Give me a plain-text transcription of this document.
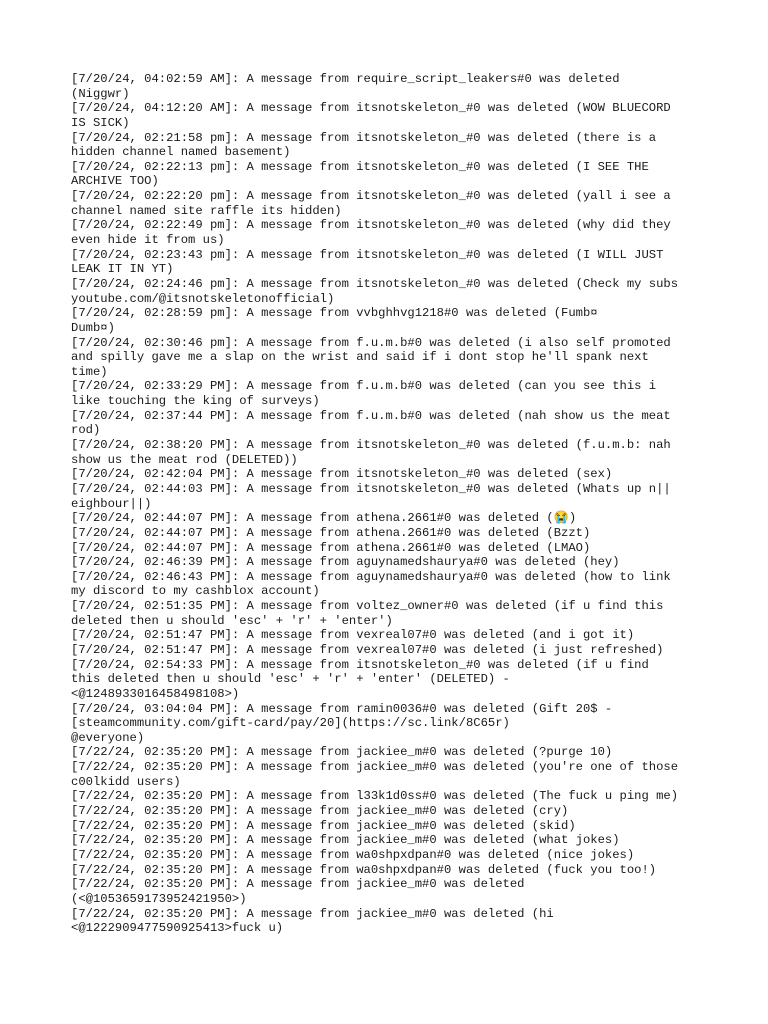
[7/20/24, 04:02:59 AM]: A message from require_script_leakers#0 was deleted
(Niggwr)
[7/20/24, 04:12:20 AM]: A message from itsnotskeleton_#0 was deleted (WOW BLUECORD
IS SICK)
[7/20/24, 02:21:58 pm]: A message from itsnotskeleton_#0 was deleted (there is a
hidden channel named basement)
[7/20/24, 02:22:13 pm]: A message from itsnotskeleton_#0 was deleted (I SEE THE
ARCHIVE TOO)
[7/20/24, 02:22:20 pm]: A message from itsnotskeleton_#0 was deleted (yall i see a
channel named site raffle its hidden)
[7/20/24, 02:22:49 pm]: A message from itsnotskeleton_#0 was deleted (why did they
even hide it from us)
[7/20/24, 02:23:43 pm]: A message from itsnotskeleton_#0 was deleted (I WILL JUST
LEAK IT IN YT)
[7/20/24, 02:24:46 pm]: A message from itsnotskeleton_#0 was deleted (Check my subs
youtube.com/@itsnotskeletonofficial)
[7/20/24, 02:28:59 pm]: A message from vvbghhvg1218#0 was deleted (Fumb¤
Dumb¤)
[7/20/24, 02:30:46 pm]: A message from f.u.m.b#0 was deleted (i also self promoted
and spilly gave me a slap on the wrist and said if i dont stop he'll spank next
time)
[7/20/24, 02:33:29 PM]: A message from f.u.m.b#0 was deleted (can you see this i
like touching the king of surveys)
[7/20/24, 02:37:44 PM]: A message from f.u.m.b#0 was deleted (nah show us the meat
rod)
[7/20/24, 02:38:20 PM]: A message from itsnotskeleton_#0 was deleted (f.u.m.b: nah
show us the meat rod (DELETED))
[7/20/24, 02:42:04 PM]: A message from itsnotskeleton_#0 was deleted (sex)
[7/20/24, 02:44:03 PM]: A message from itsnotskeleton_#0 was deleted (Whats up n||
eighbour||)
[7/20/24, 02:44:07 PM]: A message from athena.2661#0 was deleted (😭)
[7/20/24, 02:44:07 PM]: A message from athena.2661#0 was deleted (Bzzt)
[7/20/24, 02:44:07 PM]: A message from athena.2661#0 was deleted (LMAO)
[7/20/24, 02:46:39 PM]: A message from aguynamedshaurya#0 was deleted (hey)
[7/20/24, 02:46:43 PM]: A message from aguynamedshaurya#0 was deleted (how to link
my discord to my cashblox account)
[7/20/24, 02:51:35 PM]: A message from voltez_owner#0 was deleted (if u find this
deleted then u should 'esc' + 'r' + 'enter')
[7/20/24, 02:51:47 PM]: A message from vexreal07#0 was deleted (and i got it)
[7/20/24, 02:51:47 PM]: A message from vexreal07#0 was deleted (i just refreshed)
[7/20/24, 02:54:33 PM]: A message from itsnotskeleton_#0 was deleted (if u find
this deleted then u should 'esc' + 'r' + 'enter' (DELETED) -
<@1248933016458498108>)
[7/20/24, 03:04:04 PM]: A message from ramin0036#0 was deleted (Gift 20$ -
[steamcommunity.com/gift-card/pay/20](https://sc.link/8C65r)
@everyone)
[7/22/24, 02:35:20 PM]: A message from jackiee_m#0 was deleted (?purge 10)
[7/22/24, 02:35:20 PM]: A message from jackiee_m#0 was deleted (you're one of those
c00lkidd users)
[7/22/24, 02:35:20 PM]: A message from l33k1d0ss#0 was deleted (The fuck u ping me)
[7/22/24, 02:35:20 PM]: A message from jackiee_m#0 was deleted (cry)
[7/22/24, 02:35:20 PM]: A message from jackiee_m#0 was deleted (skid)
[7/22/24, 02:35:20 PM]: A message from jackiee_m#0 was deleted (what jokes)
[7/22/24, 02:35:20 PM]: A message from wa0shpxdpan#0 was deleted (nice jokes)
[7/22/24, 02:35:20 PM]: A message from wa0shpxdpan#0 was deleted (fuck you too!)
[7/22/24, 02:35:20 PM]: A message from jackiee_m#0 was deleted
(<@1053659173952421950>)
[7/22/24, 02:35:20 PM]: A message from jackiee_m#0 was deleted (hi
<@1222909477590925413>fuck u)
